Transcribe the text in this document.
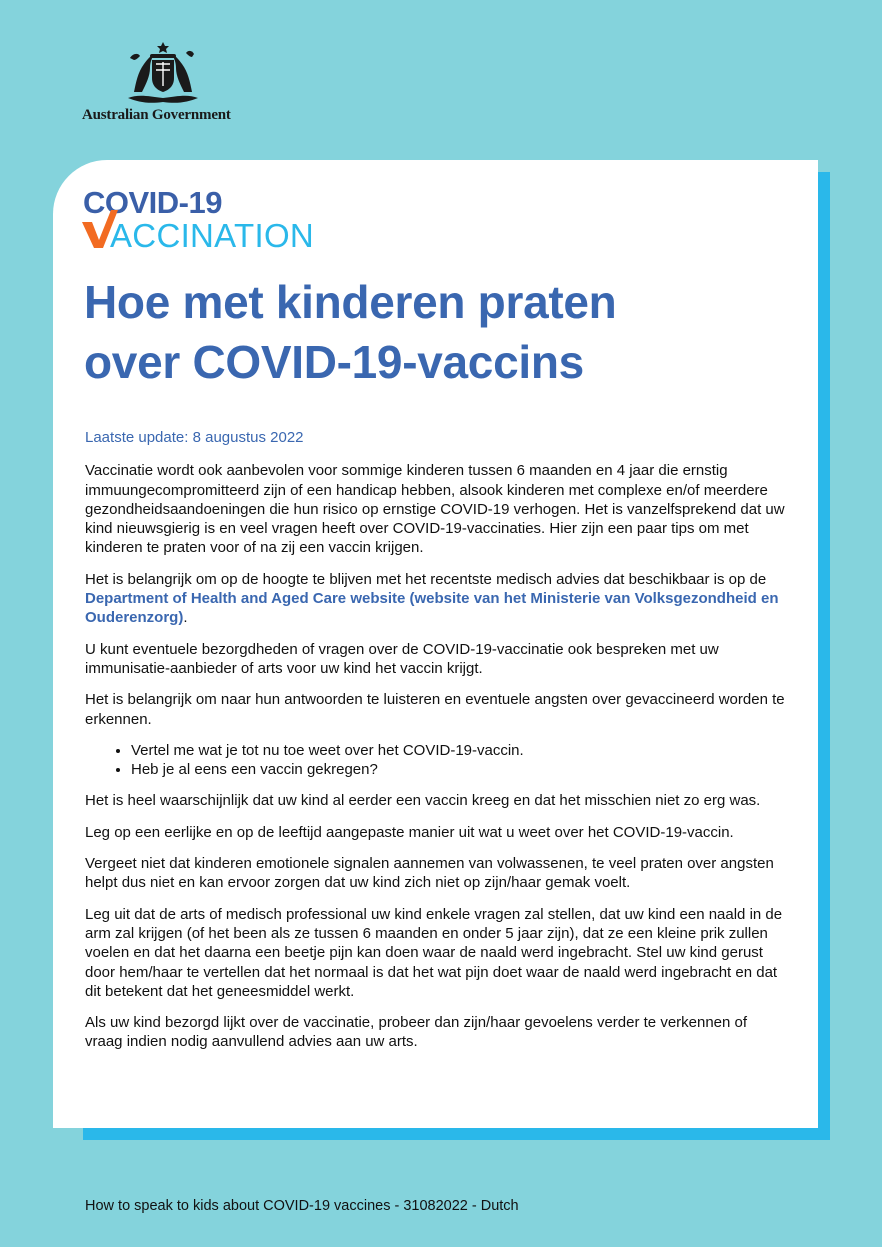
Australian Government
COVID-19
ACCINATION
Hoe met kinderen praten
over COVID-19-vaccins

Laatste update: 8 augustus 2022

Vaccinatie wordt ook aanbevolen voor sommige kinderen tussen 6 maanden en 4 jaar die ernstig immuungecompromitteerd zijn of een handicap hebben, alsook kinderen met complexe en/of meerdere gezondheidsaandoeningen die hun risico op ernstige COVID-19 verhogen. Het is vanzelfsprekend dat uw kind nieuwsgierig is en veel vragen heeft over COVID-19-vaccinaties. Hier zijn een paar tips om met kinderen te praten voor of na zij een vaccin krijgen.

Het is belangrijk om op de hoogte te blijven met het recentste medisch advies dat beschikbaar is op de Department of Health and Aged Care website (website van het Ministerie van Volksgezondheid en Ouderenzorg).

U kunt eventuele bezorgdheden of vragen over de COVID-19-vaccinatie ook bespreken met uw immunisatie-aanbieder of arts voor uw kind het vaccin krijgt.

Het is belangrijk om naar hun antwoorden te luisteren en eventuele angsten over gevaccineerd worden te erkennen.

• Vertel me wat je tot nu toe weet over het COVID-19-vaccin.
• Heb je al eens een vaccin gekregen?

Het is heel waarschijnlijk dat uw kind al eerder een vaccin kreeg en dat het misschien niet zo erg was.

Leg op een eerlijke en op de leeftijd aangepaste manier uit wat u weet over het COVID-19-vaccin.

Vergeet niet dat kinderen emotionele signalen aannemen van volwassenen, te veel praten over angsten helpt dus niet en kan ervoor zorgen dat uw kind zich niet op zijn/haar gemak voelt.

Leg uit dat de arts of medisch professional uw kind enkele vragen zal stellen, dat uw kind een naald in de arm zal krijgen (of het been als ze tussen 6 maanden en onder 5 jaar zijn), dat ze een kleine prik zullen voelen en dat het daarna een beetje pijn kan doen waar de naald werd ingebracht. Stel uw kind gerust door hem/haar te vertellen dat het normaal is dat het wat pijn doet waar de naald werd ingebracht en dat dit betekent dat het geneesmiddel werkt.

Als uw kind bezorgd lijkt over de vaccinatie, probeer dan zijn/haar gevoelens verder te verkennen of vraag indien nodig aanvullend advies aan uw arts.

How to speak to kids about COVID-19 vaccines - 31082022 - Dutch
